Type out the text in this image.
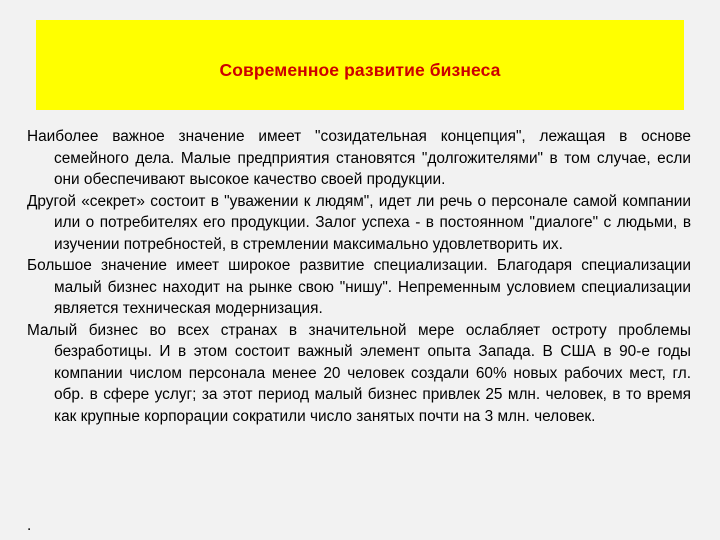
Современное развитие бизнеса

Наиболее важное значение имеет "созидательная концепция", лежащая в основе семейного дела. Малые предприятия становятся "долгожителями" в том случае, если они обеспечивают высокое качество своей продукции.

Другой «секрет» состоит в "уважении к людям", идет ли речь о персонале самой компании или о потребителях его продукции. Залог успеха - в постоянном "диалоге" с людьми, в изучении потребностей, в стремлении максимально удовлетворить их.

Большое значение имеет широкое развитие специализации. Благодаря специализации малый бизнес находит на рынке свою "нишу". Непременным условием специализации является техническая модернизация.

Малый бизнес во всех странах в значительной мере ослабляет остроту проблемы безработицы. И в этом состоит важный элемент опыта Запада. В США в 90-е годы компании числом персонала менее 20 человек создали 60% новых рабочих мест, гл. обр. в сфере услуг; за этот период малый бизнес привлек 25 млн. человек, в то время как крупные корпорации сократили число занятых почти на 3 млн. человек.

.
